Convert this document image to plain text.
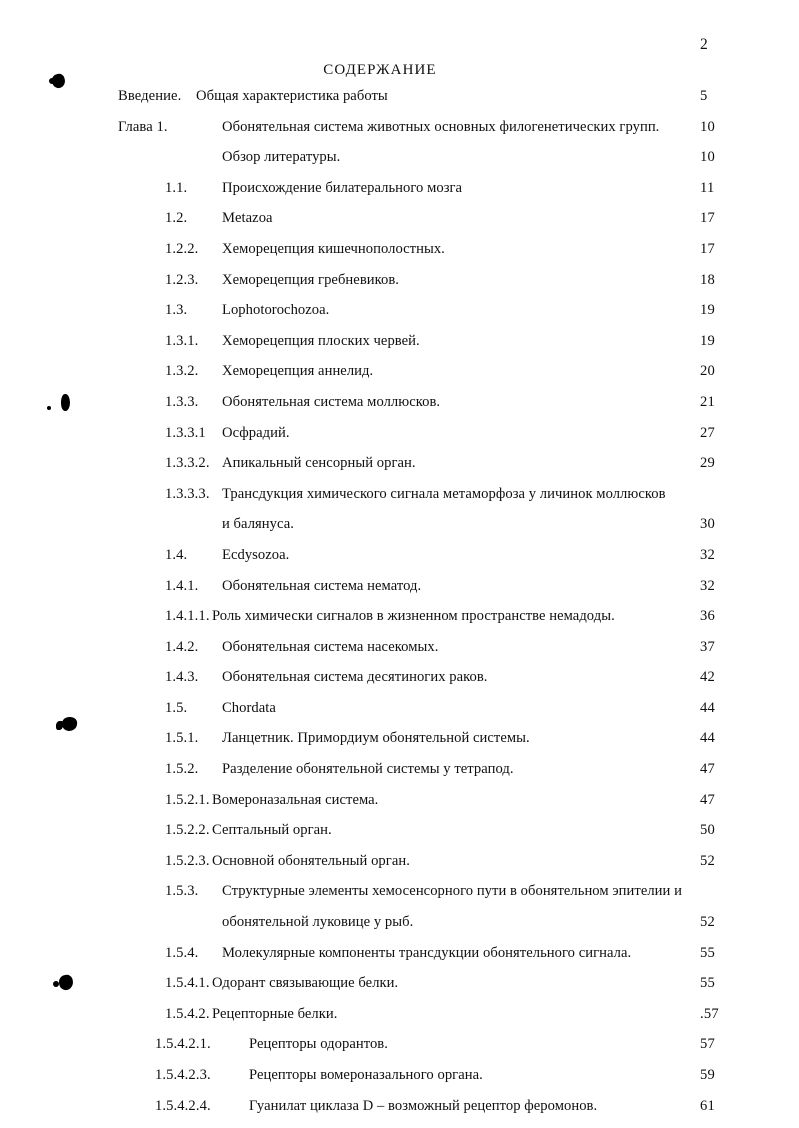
2
СОДЕРЖАНИЕ
Введение. Общая характеристика работы	5
Глава 1.	Обонятельная система животных основных филогенетических групп.	10
Обзор литературы.	10
1.1. Происхождение билатерального мозга	11
1.2. Metazoa	17
1.2.2. Хеморецепция кишечнополостных.	17
1.2.3. Хеморецепция гребневиков.	18
1.3. Lophotorochozoa.	19
1.3.1. Хеморецепция плоских червей.	19
1.3.2. Хеморецепция аннелид.	20
1.3.3. Обонятельная система моллюсков.	21
1.3.3.1 Осфрадий.	27
1.3.3.2. Апикальный сенсорный орган.	29
1.3.3.3. Трансдукция химического сигнала метаморфоза у личинок моллюсков
и балянуса.	30
1.4. Ecdysozoa.	32
1.4.1. Обонятельная система нематод.	32
1.4.1.1. Роль химически сигналов в жизненном пространстве немадоды.	36
1.4.2. Обонятельная система насекомых.	37
1.4.3. Обонятельная система десятиногих раков.	42
1.5. Chordata	44
1.5.1. Ланцетник. Примордиум обонятельной системы.	44
1.5.2. Разделение обонятельной системы у тетрапод.	47
1.5.2.1. Вомероназальная система.	47
1.5.2.2. Септальный орган.	50
1.5.2.3. Основной обонятельный орган.	52
1.5.3. Структурные элементы хемосенсорного пути в обонятельном эпителии и
обонятельной луковице у рыб.	52
1.5.4. Молекулярные компоненты трансдукции обонятельного сигнала.	55
1.5.4.1. Одорант связывающие белки.	55
1.5.4.2. Рецепторные белки.	.57
1.5.4.2.1.	Рецепторы одорантов.	57
1.5.4.2.3.	Рецепторы вомероназального органа.	59
1.5.4.2.4.	Гуанилат циклаза D – возможный рецептор феромонов.	61
